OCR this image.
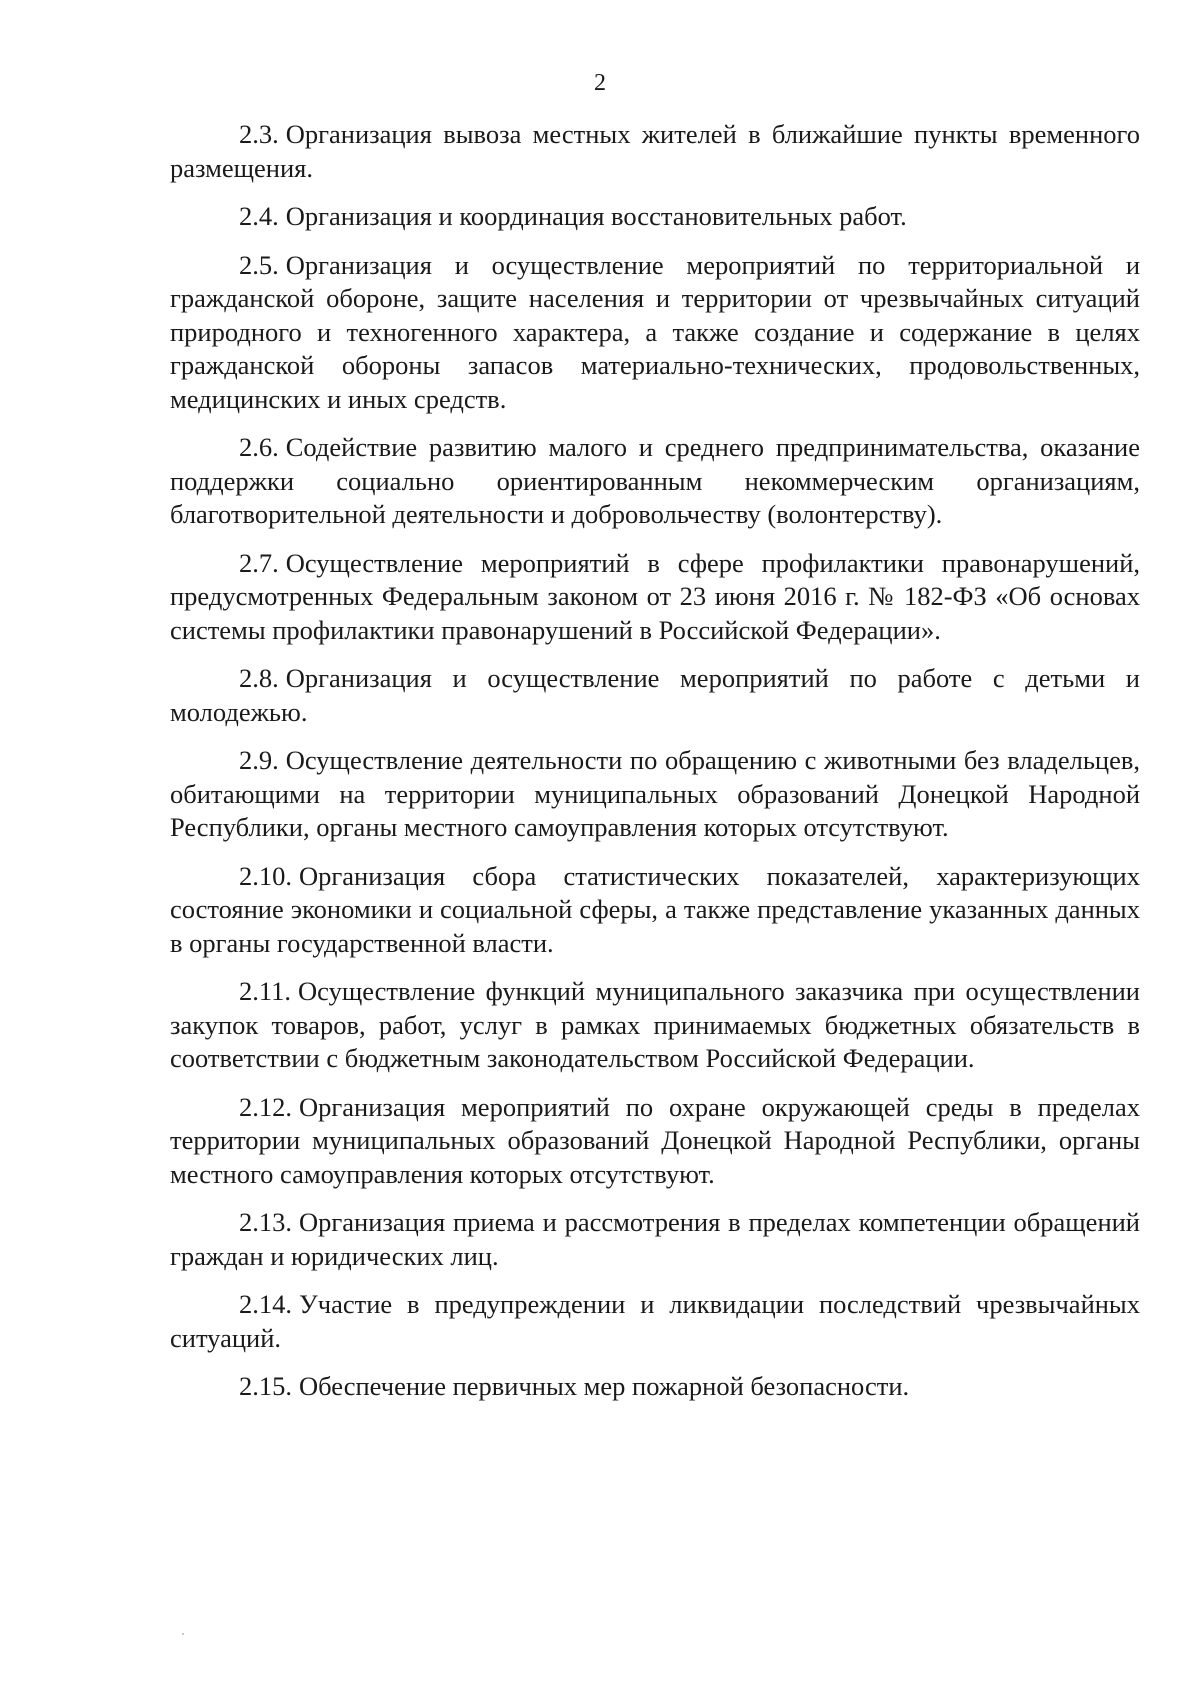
2

2.3. Организация вывоза местных жителей в ближайшие пункты временного размещения.

2.4. Организация и координация восстановительных работ.

2.5. Организация и осуществление мероприятий по территориальной и гражданской обороне, защите населения и территории от чрезвычайных ситуаций природного и техногенного характера, а также создание и содержание в целях гражданской обороны запасов материально-технических, продовольственных, медицинских и иных средств.

2.6. Содействие развитию малого и среднего предпринимательства, оказание поддержки социально ориентированным некоммерческим организациям, благотворительной деятельности и добровольчеству (волонтерству).

2.7. Осуществление мероприятий в сфере профилактики правонарушений, предусмотренных Федеральным законом от 23 июня 2016 г. № 182-ФЗ «Об основах системы профилактики правонарушений в Российской Федерации».

2.8. Организация и осуществление мероприятий по работе с детьми и молодежью.

2.9. Осуществление деятельности по обращению с животными без владельцев, обитающими на территории муниципальных образований Донецкой Народной Республики, органы местного самоуправления которых отсутствуют.

2.10. Организация сбора статистических показателей, характеризующих состояние экономики и социальной сферы, а также представление указанных данных в органы государственной власти.

2.11. Осуществление функций муниципального заказчика при осуществлении закупок товаров, работ, услуг в рамках принимаемых бюджетных обязательств в соответствии с бюджетным законодательством Российской Федерации.

2.12. Организация мероприятий по охране окружающей среды в пределах территории муниципальных образований Донецкой Народной Республики, органы местного самоуправления которых отсутствуют.

2.13. Организация приема и рассмотрения в пределах компетенции обращений граждан и юридических лиц.

2.14. Участие в предупреждении и ликвидации последствий чрезвычайных ситуаций.

2.15. Обеспечение первичных мер пожарной безопасности.
